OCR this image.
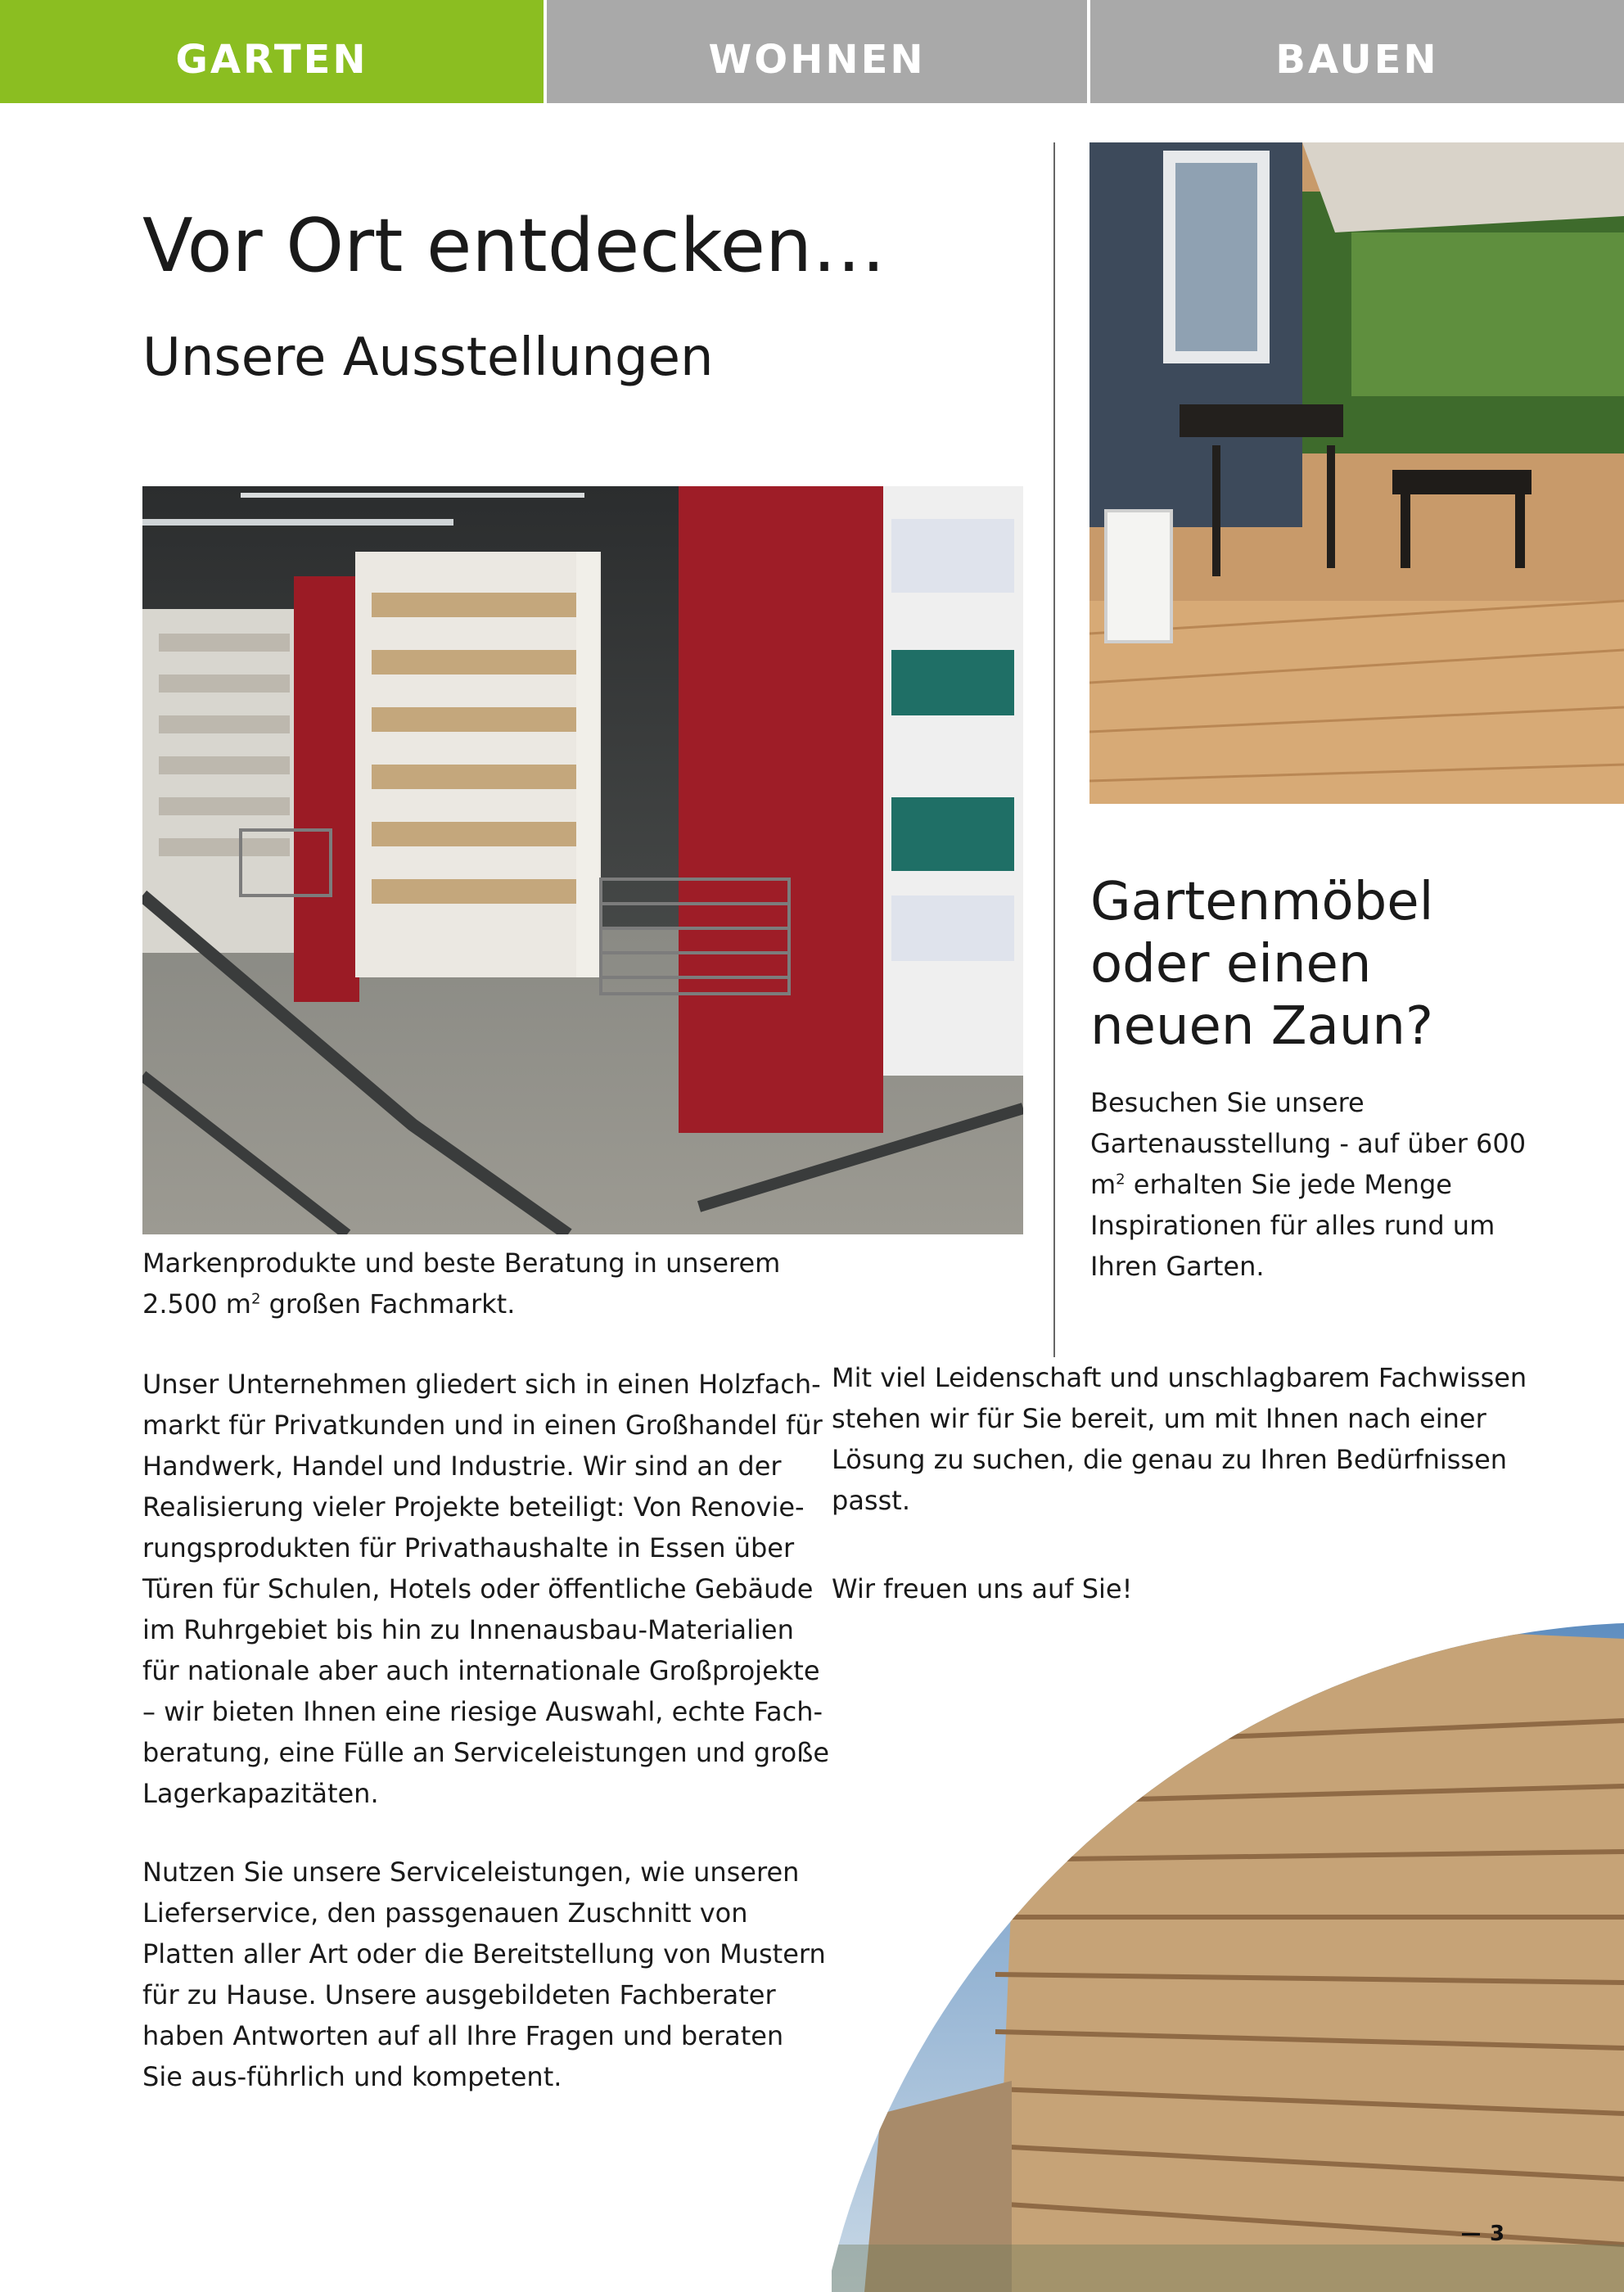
GARTEN	WOHNEN	BAUEN
Vor Ort entdecken…
Unsere Ausstellungen
Markenprodukte und beste Beratung in unserem
2.500 $m^2$ großen Fachmarkt.

Unser Unternehmen gliedert sich in einen Holzfach-markt für Privatkunden und in einen Großhandel für Handwerk, Handel und Industrie. Wir sind an der Realisierung vieler Projekte beteiligt: Von Renovie-rungsprodukten für Privathaushalte in Essen über Türen für Schulen, Hotels oder öffentliche Gebäude im Ruhrgebiet bis hin zu Innenausbau-Materialien für nationale aber auch internationale Großprojekte – wir bieten Ihnen eine riesige Auswahl, echte Fach-beratung, eine Fülle an Serviceleistungen und große Lagerkapazitäten.

Nutzen Sie unsere Serviceleistungen, wie unseren Lieferservice, den passgenauen Zuschnitt von Platten aller Art oder die Bereitstellung von Mustern für zu Hause. Unsere ausgebildeten Fachberater haben Antworten auf all Ihre Fragen und beraten Sie aus-führlich und kompetent.

Gartenmöbel oder einen neuen Zaun?

Besuchen Sie unsere Gartenausstellung - auf über 600 $m^2$ erhalten Sie jede Menge Inspirationen für alles rund um Ihren Garten.

Mit viel Leidenschaft und unschlagbarem Fachwissen stehen wir für Sie bereit, um mit Ihnen nach einer Lösung zu suchen, die genau zu Ihren Bedürfnissen passt.

Wir freuen uns auf Sie!

3
